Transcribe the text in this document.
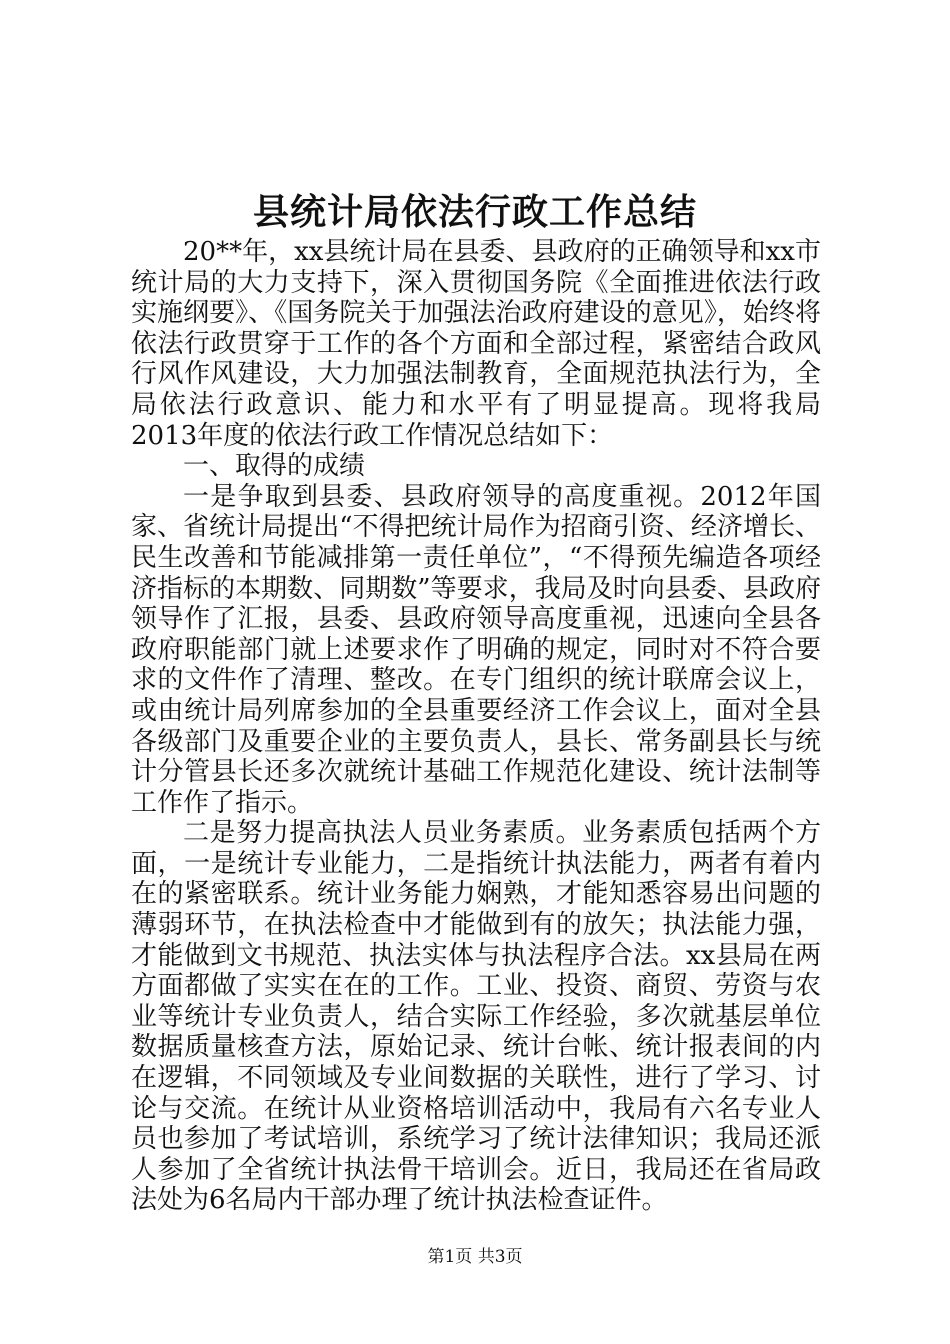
县统计局依法行政工作总结

20**年，xx县统计局在县委、县政府的正确领导和xx市统计局的大力支持下，深入贯彻国务院《全面推进依法行政实施纲要》、《国务院关于加强法治政府建设的意见》，始终将依法行政贯穿于工作的各个方面和全部过程，紧密结合政风行风作风建设，大力加强法制教育，全面规范执法行为，全局依法行政意识、能力和水平有了明显提高。现将我局2013年度的依法行政工作情况总结如下：

一、取得的成绩

一是争取到县委、县政府领导的高度重视。2012年国家、省统计局提出“不得把统计局作为招商引资、经济增长、民生改善和节能减排第一责任单位”，“不得预先编造各项经济指标的本期数、同期数”等要求，我局及时向县委、县政府领导作了汇报，县委、县政府领导高度重视，迅速向全县各政府职能部门就上述要求作了明确的规定，同时对不符合要求的文件作了清理、整改。在专门组织的统计联席会议上，或由统计局列席参加的全县重要经济工作会议上，面对全县各级部门及重要企业的主要负责人，县长、常务副县长与统计分管县长还多次就统计基础工作规范化建设、统计法制等工作作了指示。

二是努力提高执法人员业务素质。业务素质包括两个方面，一是统计专业能力，二是指统计执法能力，两者有着内在的紧密联系。统计业务能力娴熟，才能知悉容易出问题的薄弱环节，在执法检查中才能做到有的放矢；执法能力强，才能做到文书规范、执法实体与执法程序合法。xx县局在两方面都做了实实在在的工作。工业、投资、商贸、劳资与农业等统计专业负责人，结合实际工作经验，多次就基层单位数据质量核查方法，原始记录、统计台帐、统计报表间的内在逻辑，不同领域及专业间数据的关联性，进行了学习、讨论与交流。在统计从业资格培训活动中，我局有六名专业人员也参加了考试培训，系统学习了统计法律知识；我局还派人参加了全省统计执法骨干培训会。近日，我局还在省局政法处为6名局内干部办理了统计执法检查证件。

第1页 共3页
